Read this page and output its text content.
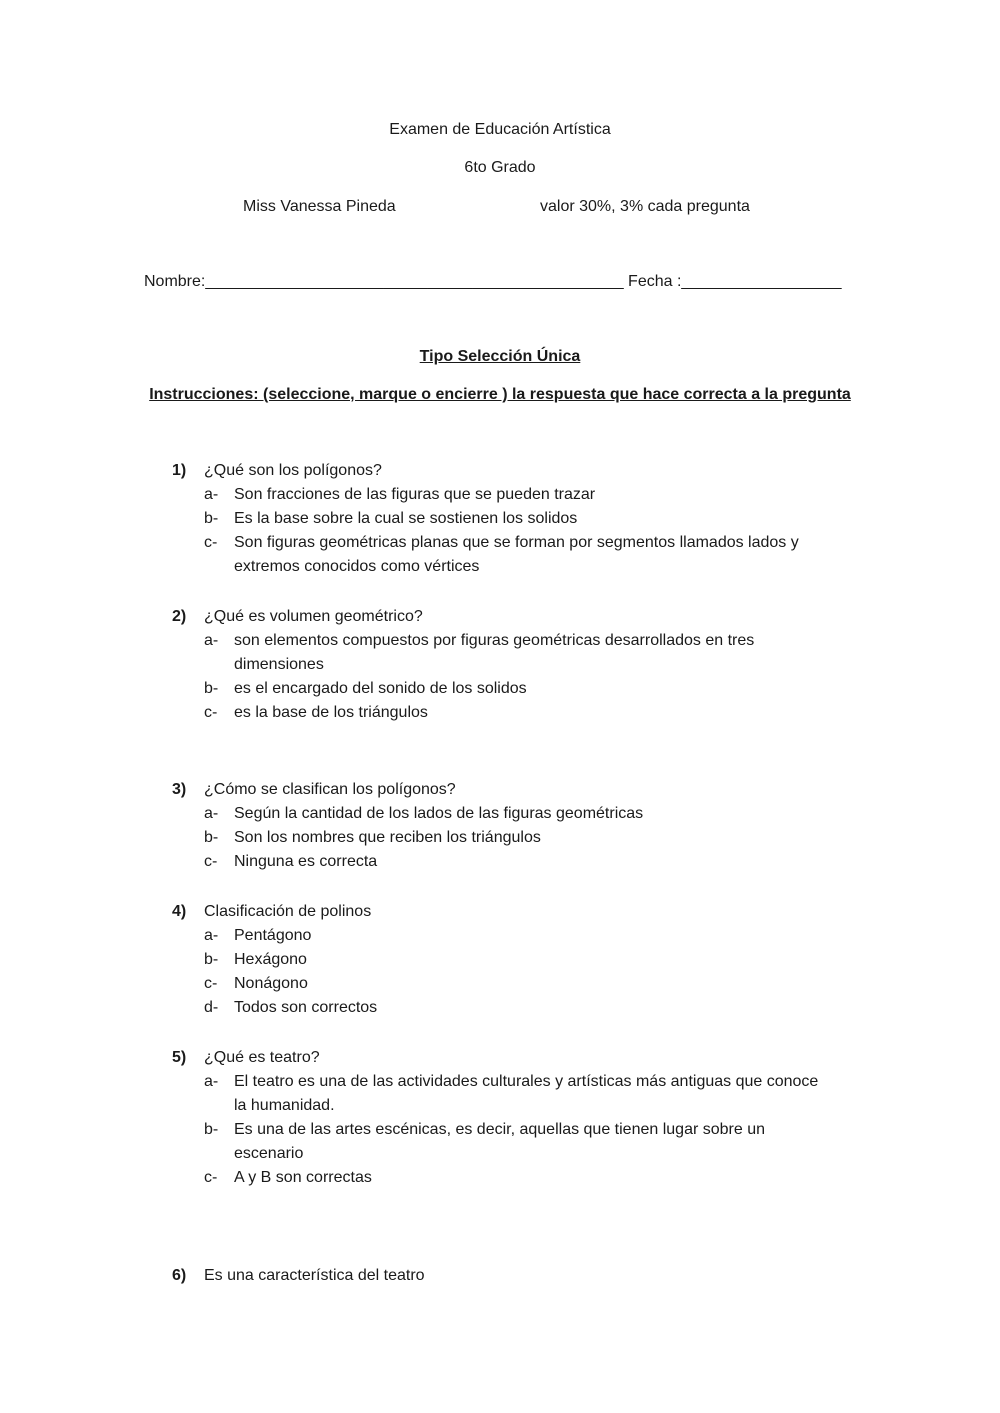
Examen de Educación Artística
6to Grado
Miss Vanessa Pineda	valor 30%, 3% cada pregunta
Nombre:_______________________________________________ Fecha :__________________
Tipo Selección Única
Instrucciones: (seleccione, marque o encierre ) la respuesta que hace correcta a la pregunta
1)	¿Qué son los polígonos?
a- Son fracciones de las figuras que se pueden trazar
b- Es la base sobre la cual se sostienen los solidos
c-	Son figuras geométricas planas que se forman por segmentos llamados lados y extremos conocidos como vértices
2)	¿Qué es volumen geométrico?
a- son elementos compuestos por figuras geométricas desarrollados en tres dimensiones
b- es el encargado del sonido de los solidos
c-	es la base de los triángulos
3)	¿Cómo se clasifican los polígonos?
a- Según la cantidad de los lados de las figuras geométricas
b- Son los nombres que reciben los triángulos
c-	Ninguna es correcta
4)	Clasificación de polinos
a- Pentágono
b- Hexágono
c-	Nonágono
d- Todos son correctos
5)	¿Qué es teatro?
a- El teatro es una de las actividades culturales y artísticas más antiguas que conoce la humanidad.
b- Es una de las artes escénicas, es decir, aquellas que tienen lugar sobre un escenario
c-	A y B son correctas
6)	Es una característica del teatro
